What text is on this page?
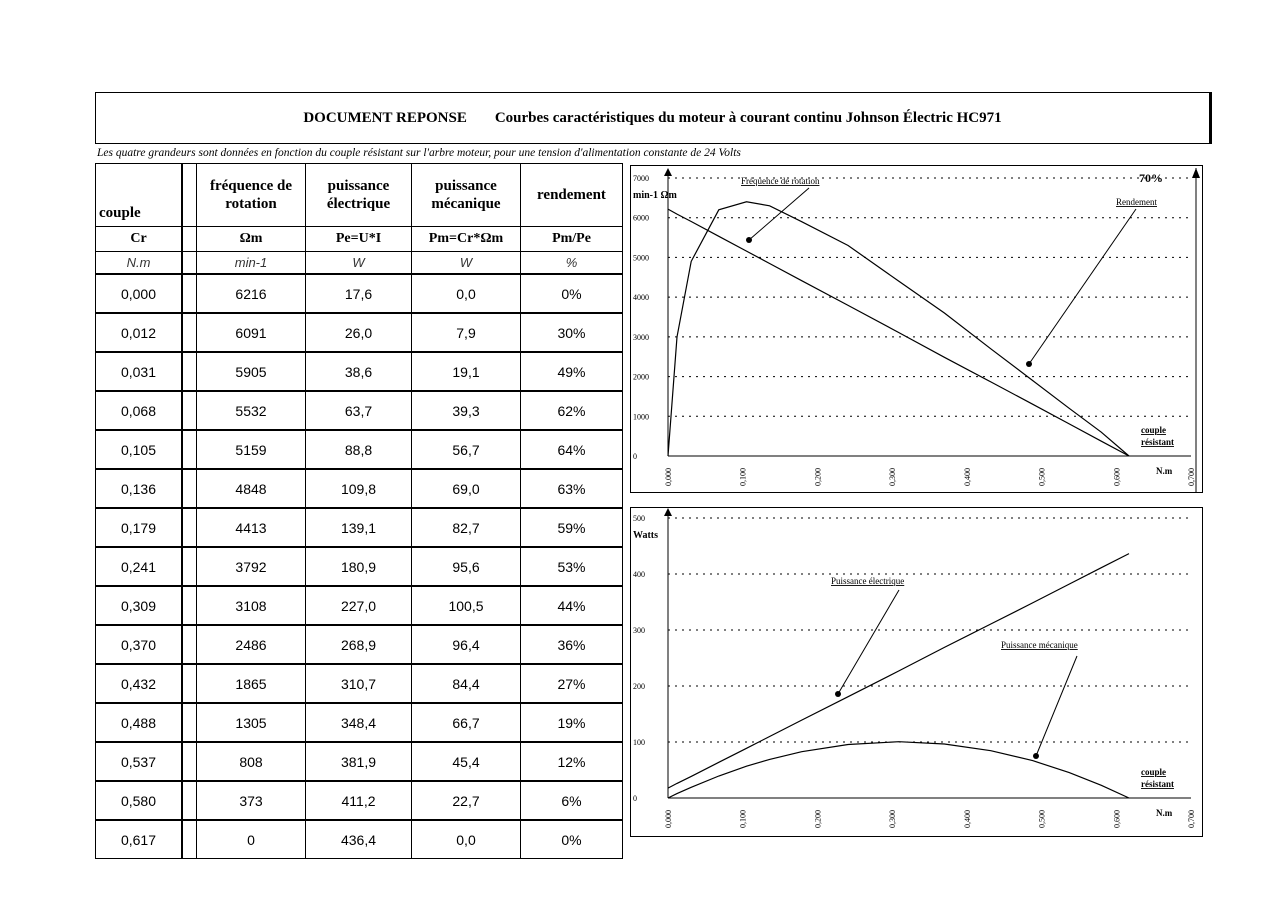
DOCUMENT REPONSE Courbes caractéristiques du moteur à courant continu Johnson Électric HC971
Les quatre grandeurs sont données en fonction du couple résistant sur l'arbre moteur, pour une tension d'alimentation constante de 24 Volts
couple		fréquence de rotation	puissance électrique	puissance mécanique	rendement
Cr		Ωm	Pe=U*I	Pm=Cr*Ωm	Pm/Pe
N.m		min-1	W	W	%
0,000		6216	17,6	0,0	0%
0,012		6091	26,0	7,9	30%
0,031		5905	38,6	19,1	49%
0,068		5532	63,7	39,3	62%
0,105		5159	88,8	56,7	64%
0,136		4848	109,8	69,0	63%
0,179		4413	139,1	82,7	59%
0,241		3792	180,9	95,6	53%
0,309		3108	227,0	100,5	44%
0,370		2486	268,9	96,4	36%
0,432		1865	310,7	84,4	27%
0,488		1305	348,4	66,7	19%
0,537		808	381,9	45,4	12%
0,580		373	411,2	22,7	6%
0,617		0	436,4	0,0	0%
0
1000
2000
3000
4000
5000
6000
7000
0,000	0,100	0,200	0,300	0,400	0,500	0,600	0,700
N.m
couple
résistant
min-1 Ωm
Fréquence de rotation
Rendement
70%
0
100
200
300
400
500
0,000	0,100	0,200	0,300	0,400	0,500	0,600	0,700
N.m
couple
résistant
Watts
Puissance électrique
Puissance mécanique
